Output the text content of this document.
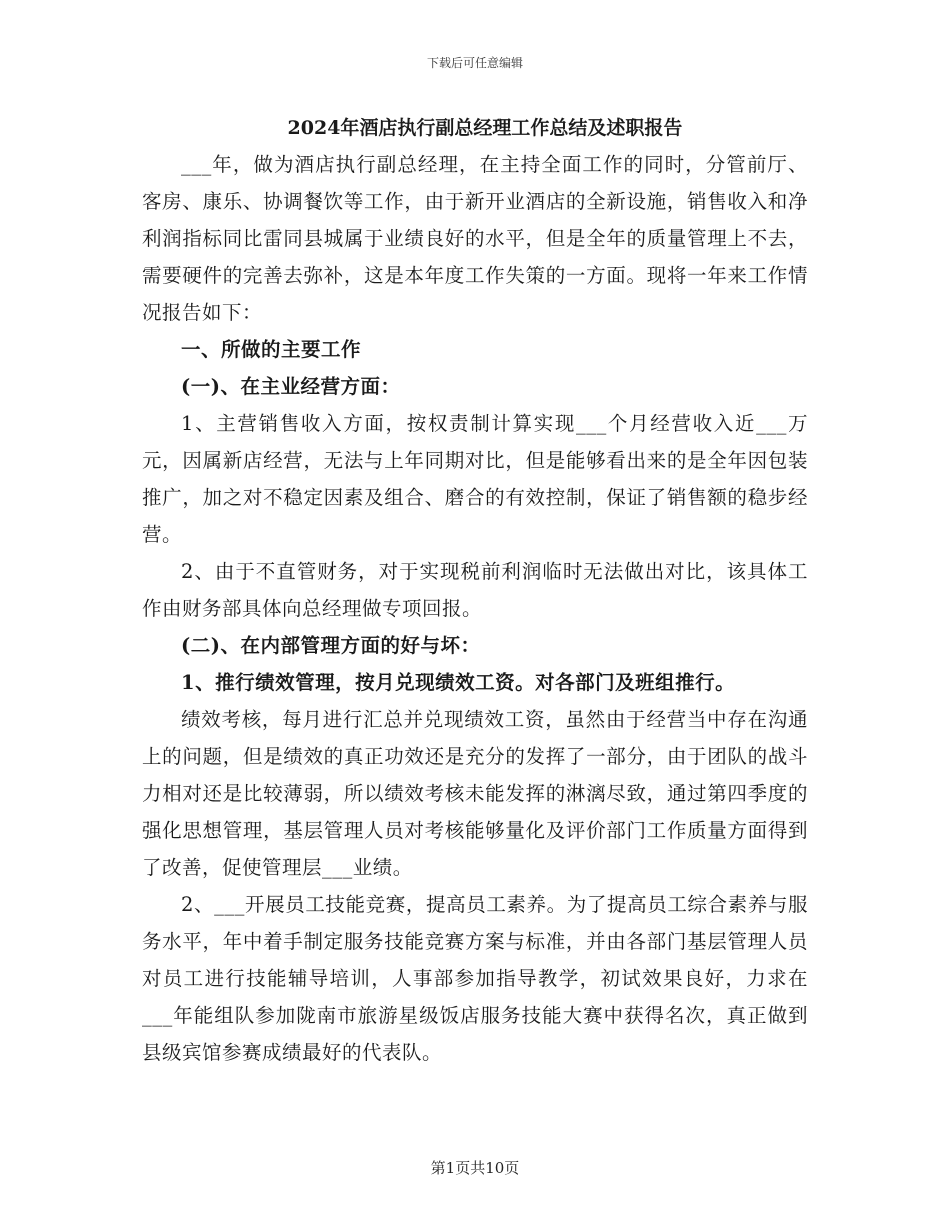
下载后可任意编辑
2024年酒店执行副总经理工作总结及述职报告

___年，做为酒店执行副总经理，在主持全面工作的同时，分管前厅、客房、康乐、协调餐饮等工作，由于新开业酒店的全新设施，销售收入和净利润指标同比雷同县城属于业绩良好的水平，但是全年的质量管理上不去，需要硬件的完善去弥补，这是本年度工作失策的一方面。现将一年来工作情况报告如下：

一、所做的主要工作

(一)、在主业经营方面：

1、主营销售收入方面，按权责制计算实现___个月经营收入近___万元，因属新店经营，无法与上年同期对比，但是能够看出来的是全年因包装推广，加之对不稳定因素及组合、磨合的有效控制，保证了销售额的稳步经营。

2、由于不直管财务，对于实现税前利润临时无法做出对比，该具体工作由财务部具体向总经理做专项回报。

(二)、在内部管理方面的好与坏：

1、推行绩效管理，按月兑现绩效工资。对各部门及班组推行。

绩效考核，每月进行汇总并兑现绩效工资，虽然由于经营当中存在沟通上的问题，但是绩效的真正功效还是充分的发挥了一部分，由于团队的战斗力相对还是比较薄弱，所以绩效考核未能发挥的淋漓尽致，通过第四季度的强化思想管理，基层管理人员对考核能够量化及评价部门工作质量方面得到了改善，促使管理层___业绩。

2、___开展员工技能竞赛，提高员工素养。为了提高员工综合素养与服务水平，年中着手制定服务技能竞赛方案与标准，并由各部门基层管理人员对员工进行技能辅导培训，人事部参加指导教学，初试效果良好，力求在___年能组队参加陇南市旅游星级饭店服务技能大赛中获得名次，真正做到县级宾馆参赛成绩最好的代表队。

第1页共10页
